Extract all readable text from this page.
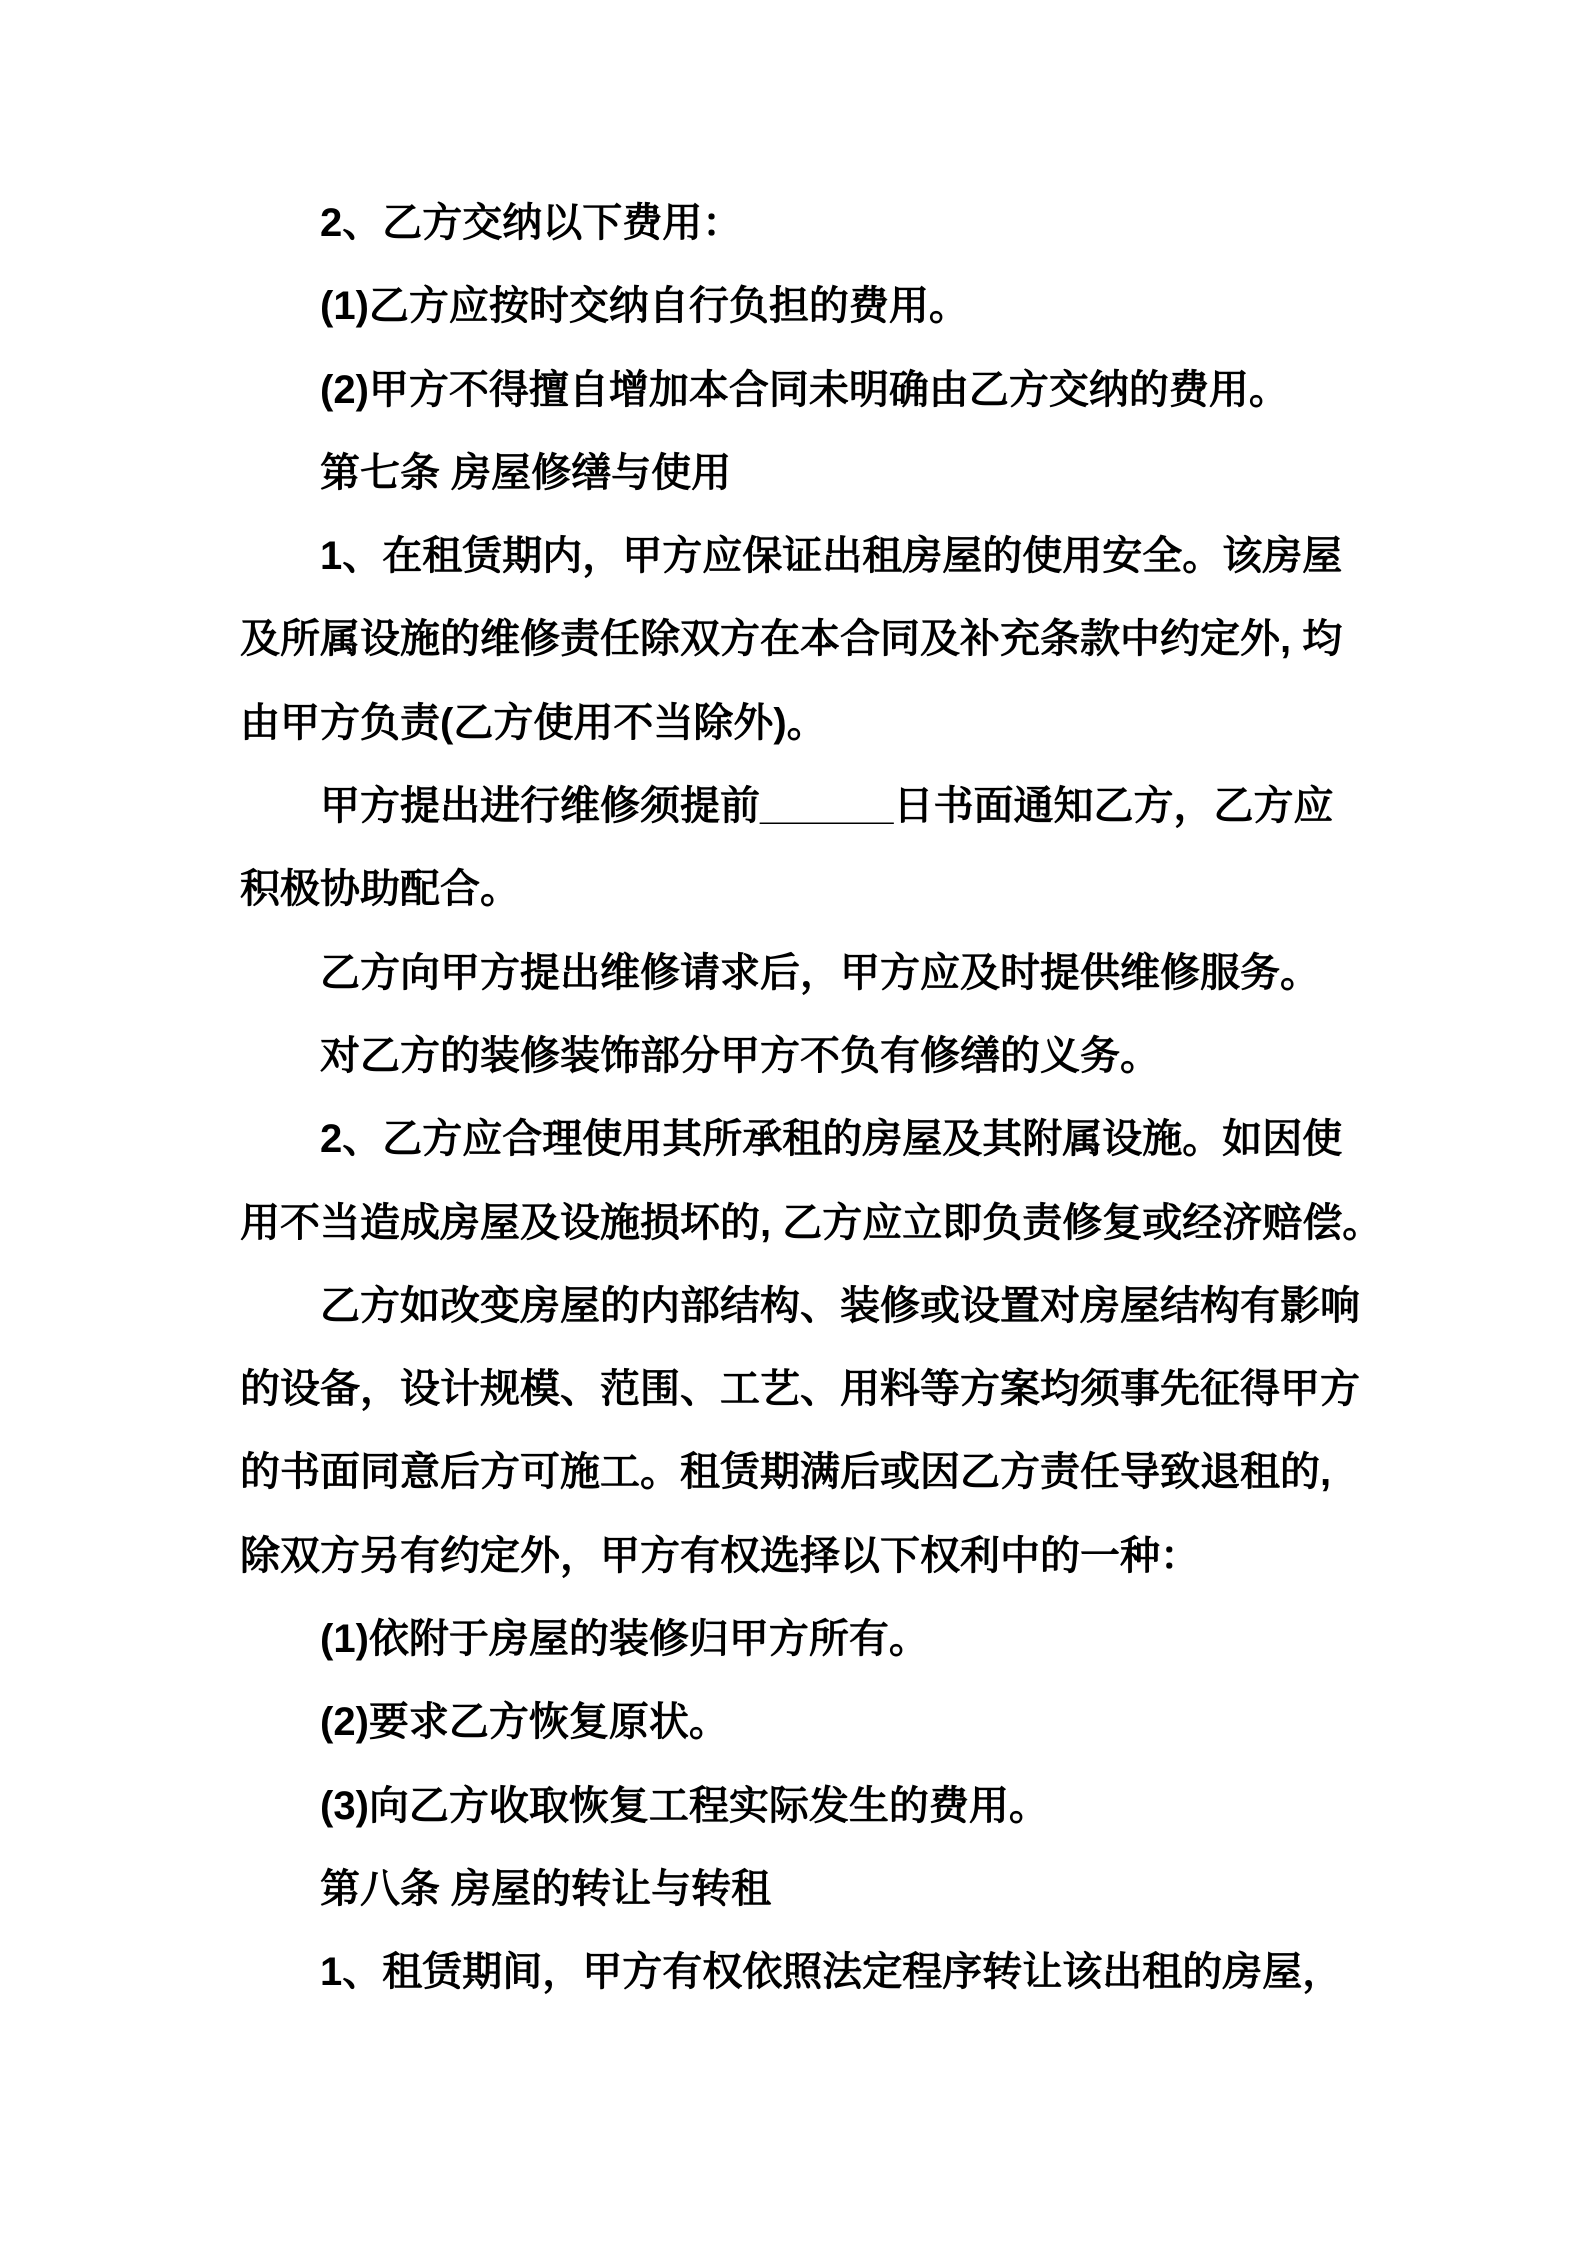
2、乙方交纳以下费用：
(1)乙方应按时交纳自行负担的费用。
(2)甲方不得擅自增加本合同未明确由乙方交纳的费用。
第七条 房屋修缮与使用
1、在租赁期内，甲方应保证出租房屋的使用安全。该房屋
及所属设施的维修责任除双方在本合同及补充条款中约定外, 均
由甲方负责(乙方使用不当除外)。
甲方提出进行维修须提前______日书面通知乙方，乙方应
积极协助配合。
乙方向甲方提出维修请求后，甲方应及时提供维修服务。
对乙方的装修装饰部分甲方不负有修缮的义务。
2、乙方应合理使用其所承租的房屋及其附属设施。如因使
用不当造成房屋及设施损坏的, 乙方应立即负责修复或经济赔偿。
乙方如改变房屋的内部结构、装修或设置对房屋结构有影响
的设备，设计规模、范围、工艺、用料等方案均须事先征得甲方
的书面同意后方可施工。租赁期满后或因乙方责任导致退租的,
除双方另有约定外，甲方有权选择以下权利中的一种：
(1)依附于房屋的装修归甲方所有。
(2)要求乙方恢复原状。
(3)向乙方收取恢复工程实际发生的费用。
第八条 房屋的转让与转租
1、租赁期间，甲方有权依照法定程序转让该出租的房屋，
